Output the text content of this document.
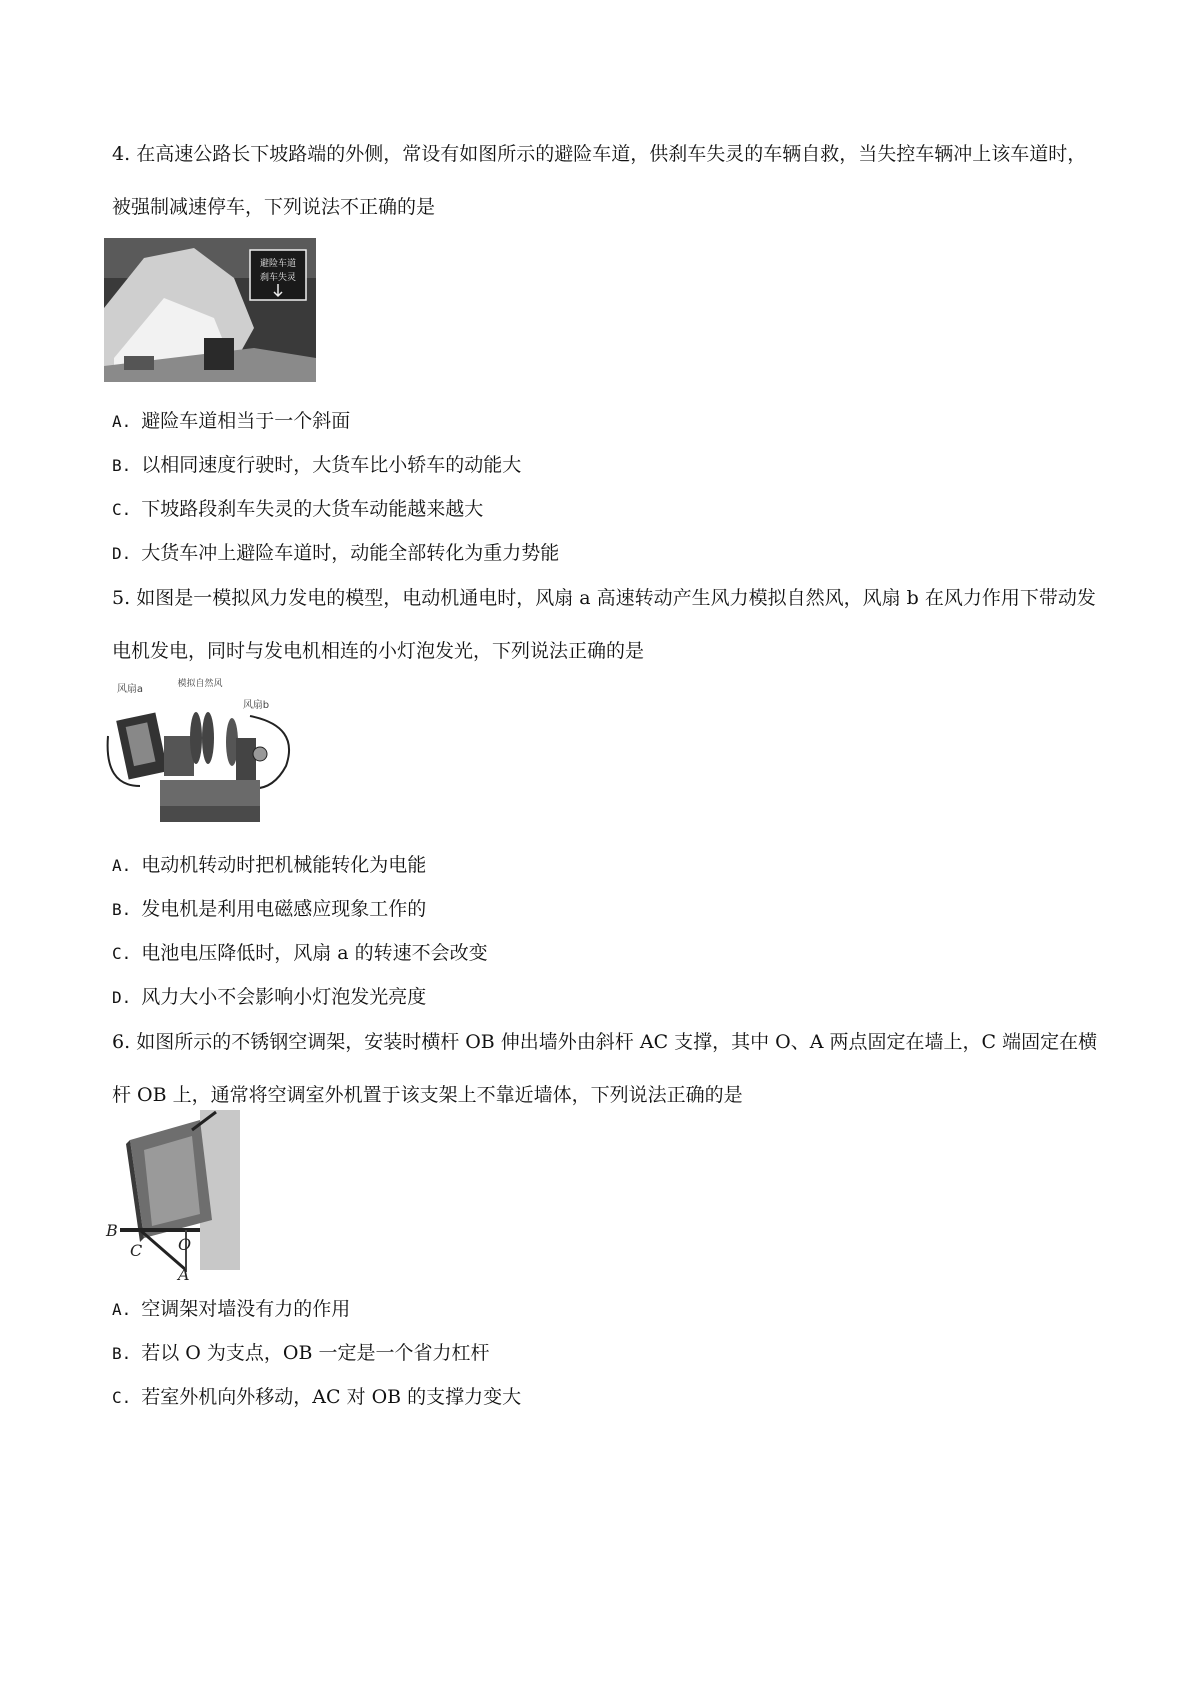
4. 在高速公路长下坡路端的外侧，常设有如图所示的避险车道，供刹车失灵的车辆自救，当失控车辆冲上该车道时，被强制减速停车，下列说法不正确的是
避险车道
刹车失灵
A. 避险车道相当于一个斜面
B. 以相同速度行驶时，大货车比小轿车的动能大
C. 下坡路段刹车失灵的大货车动能越来越大
D. 大货车冲上避险车道时，动能全部转化为重力势能
5. 如图是一模拟风力发电的模型，电动机通电时，风扇 a 高速转动产生风力模拟自然风，风扇 b 在风力作用下带动发电机发电，同时与发电机相连的小灯泡发光，下列说法正确的是
模拟自然风
风扇a
风扇b
A. 电动机转动时把机械能转化为电能
B. 发电机是利用电磁感应现象工作的
C. 电池电压降低时，风扇 a 的转速不会改变
D. 风力大小不会影响小灯泡发光亮度
6. 如图所示的不锈钢空调架，安装时横杆 OB 伸出墙外由斜杆 AC 支撑，其中 O、A 两点固定在墙上，C 端固定在横杆 OB 上，通常将空调室外机置于该支架上不靠近墙体，下列说法正确的是
B
C O
A
A. 空调架对墙没有力的作用
B. 若以 O 为支点，OB 一定是一个省力杠杆
C. 若室外机向外移动，AC 对 OB 的支撑力变大
